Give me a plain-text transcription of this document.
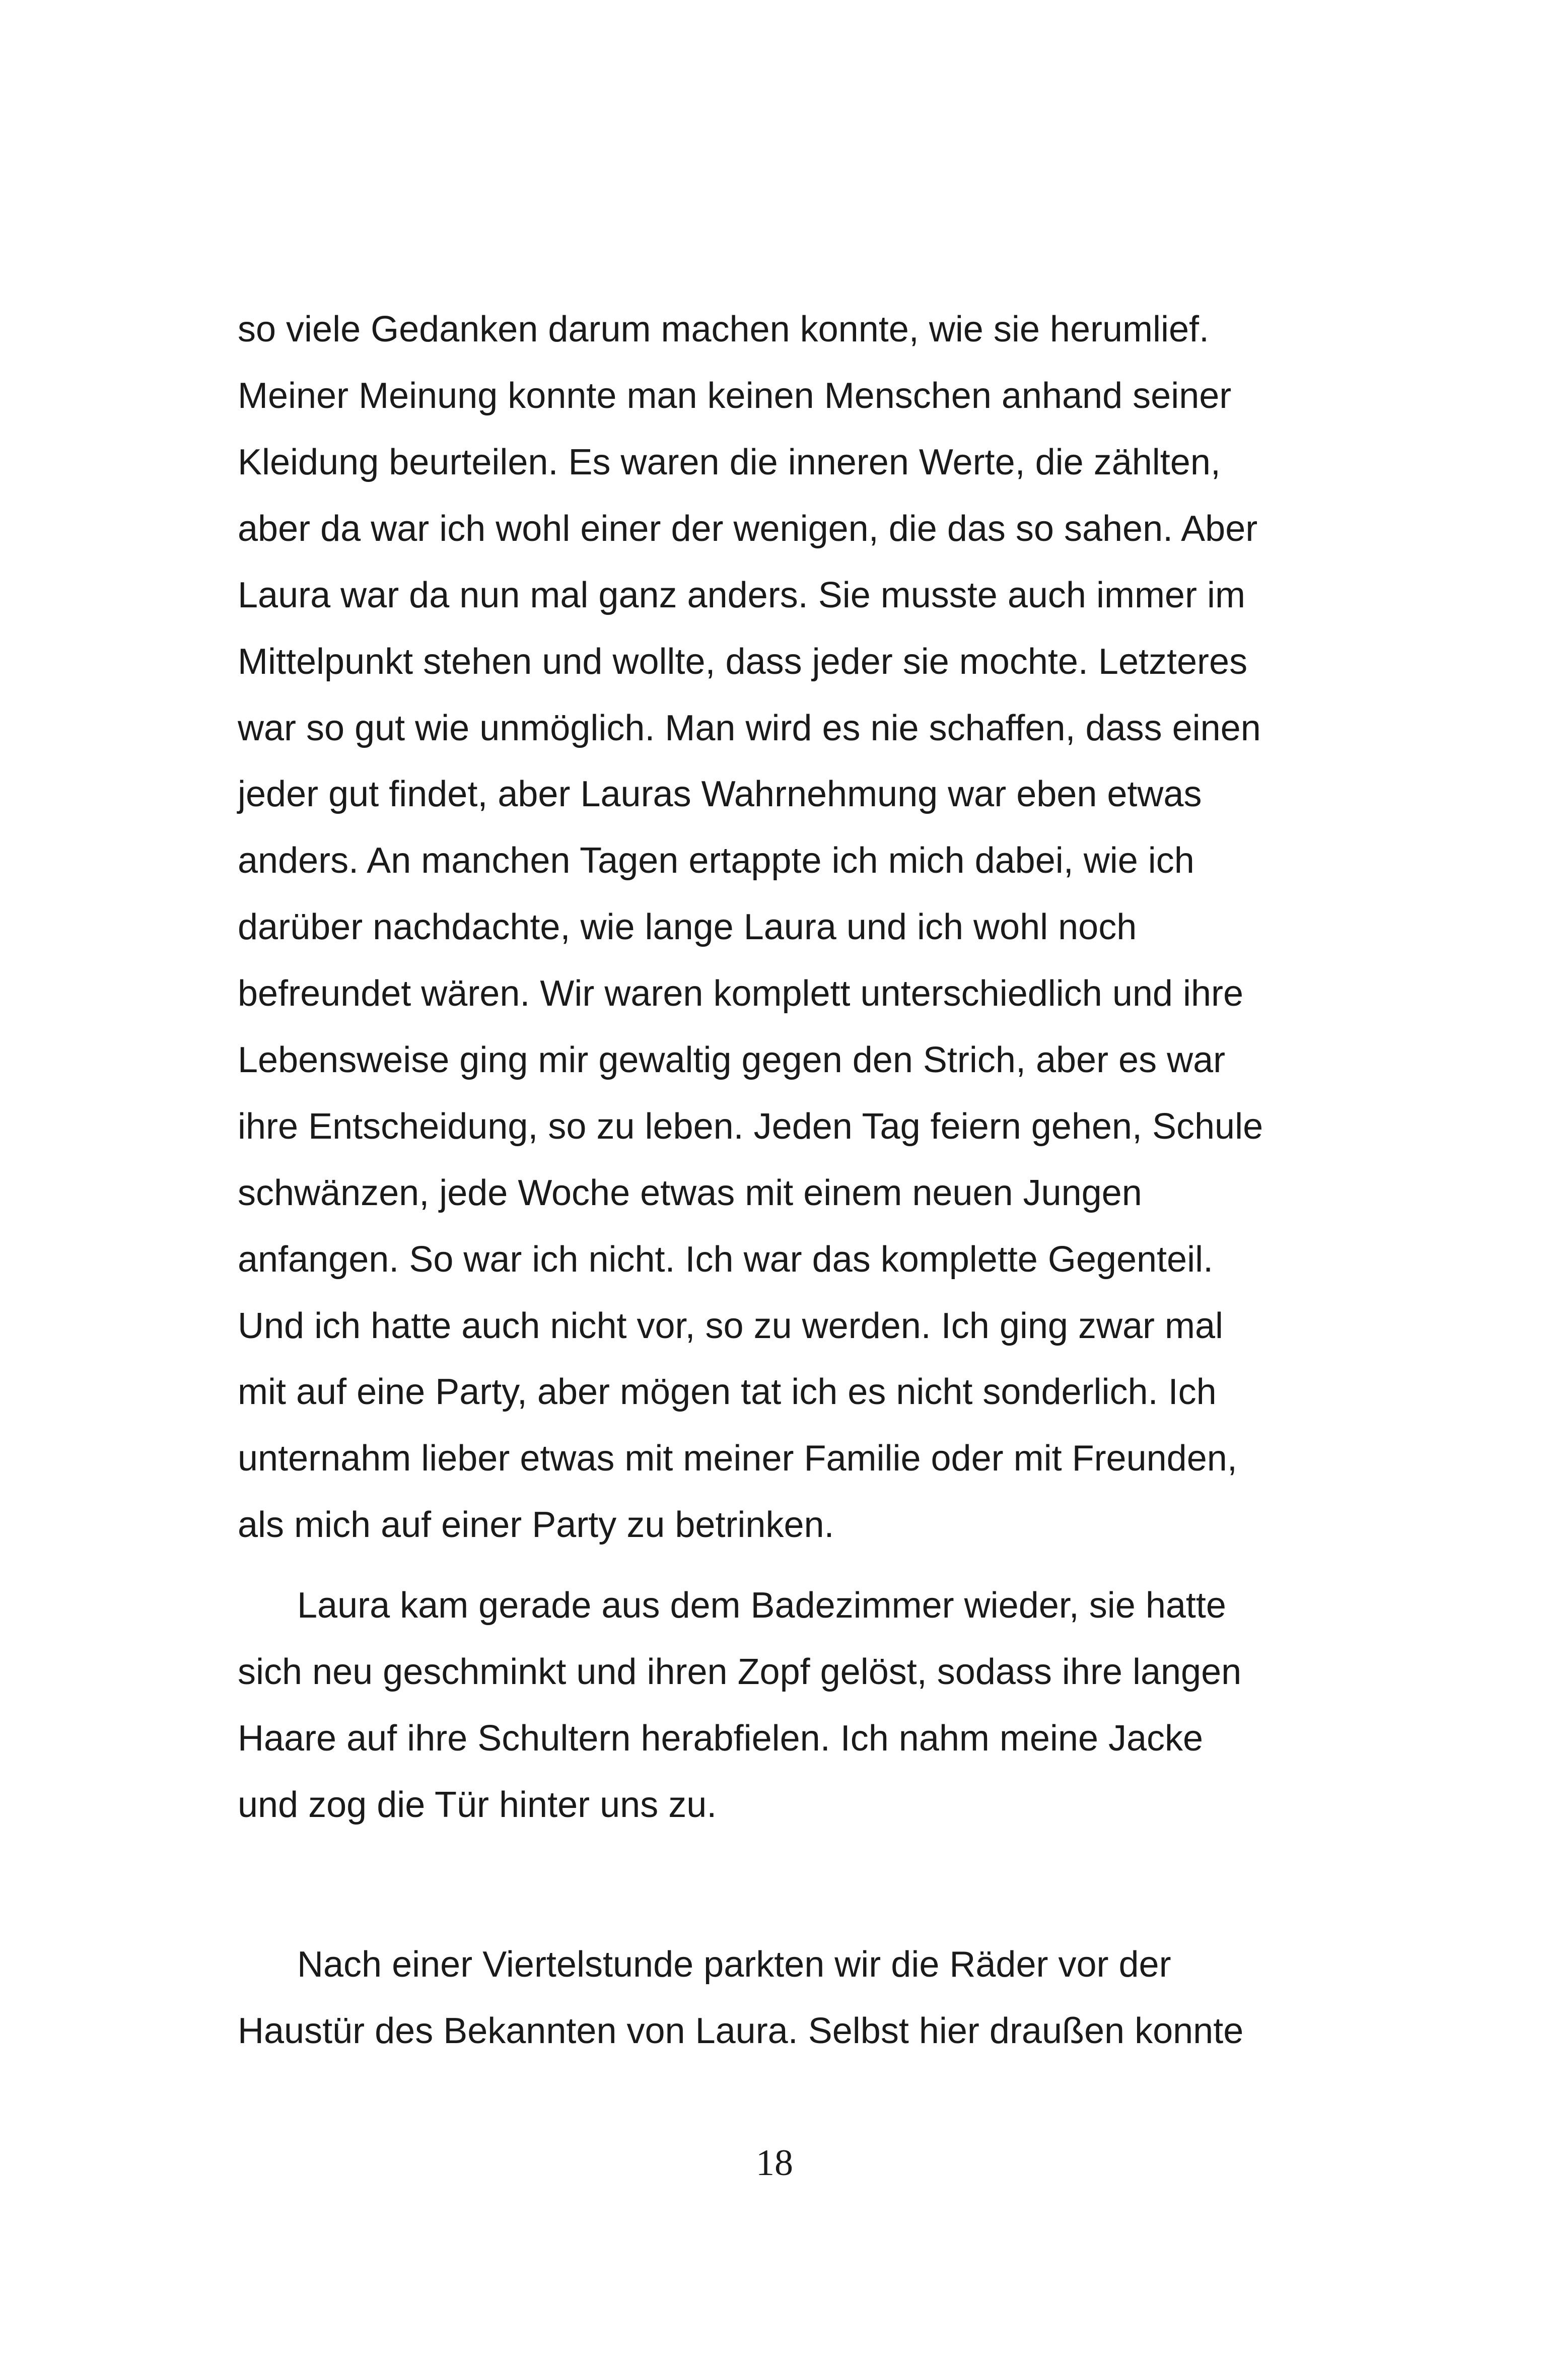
so viele Gedanken darum machen konnte, wie sie herumlief.
Meiner Meinung konnte man keinen Menschen anhand seiner
Kleidung beurteilen. Es waren die inneren Werte, die zählten,
aber da war ich wohl einer der wenigen, die das so sahen. Aber
Laura war da nun mal ganz anders. Sie musste auch immer im
Mittelpunkt stehen und wollte, dass jeder sie mochte. Letzteres
war so gut wie unmöglich. Man wird es nie schaffen, dass einen
jeder gut findet, aber Lauras Wahrnehmung war eben etwas
anders. An manchen Tagen ertappte ich mich dabei, wie ich
darüber nachdachte, wie lange Laura und ich wohl noch
befreundet wären. Wir waren komplett unterschiedlich und ihre
Lebensweise ging mir gewaltig gegen den Strich, aber es war
ihre Entscheidung, so zu leben. Jeden Tag feiern gehen, Schule
schwänzen, jede Woche etwas mit einem neuen Jungen
anfangen. So war ich nicht. Ich war das komplette Gegenteil.
Und ich hatte auch nicht vor, so zu werden. Ich ging zwar mal
mit auf eine Party, aber mögen tat ich es nicht sonderlich. Ich
unternahm lieber etwas mit meiner Familie oder mit Freunden,
als mich auf einer Party zu betrinken.
Laura kam gerade aus dem Badezimmer wieder, sie hatte
sich neu geschminkt und ihren Zopf gelöst, sodass ihre langen
Haare auf ihre Schultern herabfielen. Ich nahm meine Jacke
und zog die Tür hinter uns zu.
Nach einer Viertelstunde parkten wir die Räder vor der
Haustür des Bekannten von Laura. Selbst hier draußen konnte
18
